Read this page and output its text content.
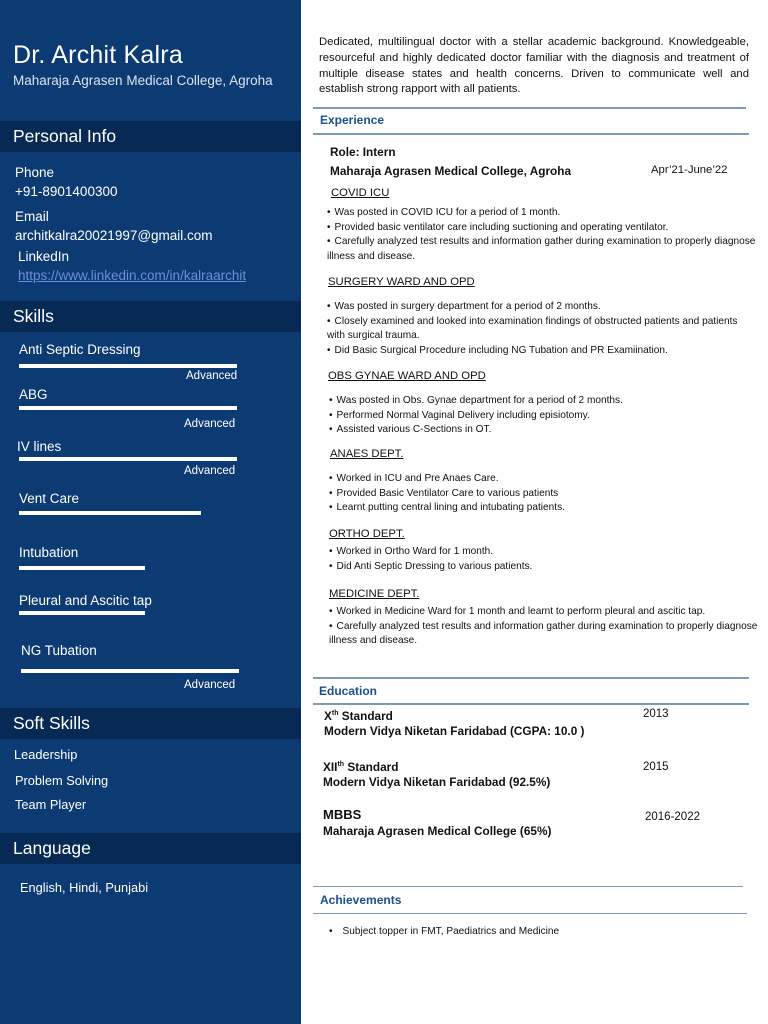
Dr. Archit Kalra
Maharaja Agrasen Medical College, Agroha
Personal Info
Phone
+91-8901400300
Email
architkalra20021997@gmail.com
LinkedIn
https://www.linkedin.com/in/kalraarchit
Skills
Anti Septic Dressing
Advanced
ABG
Advanced
IV lines
Advanced
Vent Care
Intubation
Pleural and Ascitic tap
NG Tubation
Advanced
Soft Skills
Leadership
Problem Solving
Team Player
Language
English, Hindi, Punjabi
Dedicated, multilingual doctor with a stellar academic background. Knowledgeable, resourceful and highly dedicated doctor familiar with the diagnosis and treatment of multiple disease states and health concerns. Driven to communicate well and establish strong rapport with all patients.
Experience
Role: Intern
Maharaja Agrasen Medical College, Agroha	Apr’21-June’22
COVID ICU
• Was posted in COVID ICU for a period of 1 month.
• Provided basic ventilator care including suctioning and operating ventilator.
• Carefully analyzed test results and information gather during examination to properly diagnose illness and disease.
SURGERY WARD AND OPD
• Was posted in surgery department for a period of 2 months.
• Closely examined and looked into examination findings of obstructed patients and patients with surgical trauma.
• Did Basic Surgical Procedure including NG Tubation and PR Examiination.
OBS GYNAE WARD AND OPD
• Was posted in Obs. Gynae department for a period of 2 months.
• Performed Normal Vaginal Delivery including episiotomy.
• Assisted various C-Sections in OT.
ANAES DEPT.
• Worked in ICU and Pre Anaes Care.
• Provided Basic Ventilator Care to various patients
• Learnt putting central lining and intubating patients.
ORTHO DEPT.
• Worked in Ortho Ward for 1 month.
• Did Anti Septic Dressing to various patients.
MEDICINE DEPT.
• Worked in Medicine Ward for 1 month and learnt to perform pleural and ascitic tap.
• Carefully analyzed test results and information gather during examination to properly diagnose illness and disease.
Education
Xth Standard
Modern Vidya Niketan Faridabad (CGPA: 10.0 )
2013
XIIth Standard
Modern Vidya Niketan Faridabad (92.5%)
2015
MBBS
Maharaja Agrasen Medical College (65%)
2016-2022
Achievements
• Subject topper in FMT, Paediatrics and Medicine
